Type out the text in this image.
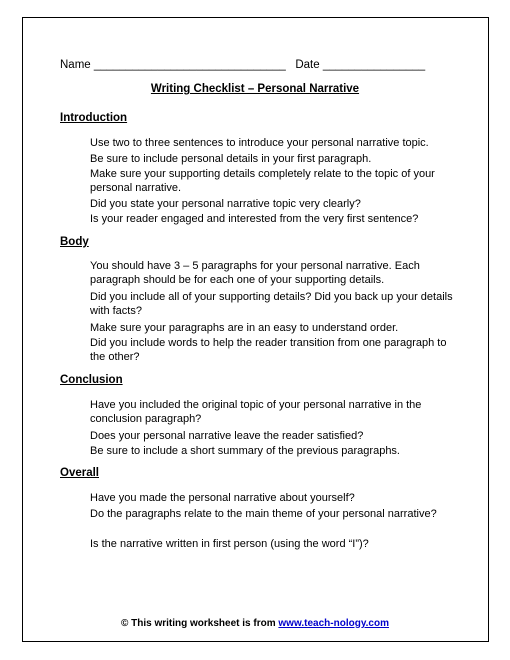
Name ______________________________ Date ________________
Writing Checklist – Personal Narrative
Introduction
Use two to three sentences to introduce your personal narrative topic.
Be sure to include personal details in your first paragraph.
Make sure your supporting details completely relate to the topic of your personal narrative.
Did you state your personal narrative topic very clearly?
Is your reader engaged and interested from the very first sentence?
Body
You should have 3 – 5 paragraphs for your personal narrative. Each paragraph should be for each one of your supporting details.
Did you include all of your supporting details? Did you back up your details with facts?
Make sure your paragraphs are in an easy to understand order.
Did you include words to help the reader transition from one paragraph to the other?
Conclusion
Have you included the original topic of your personal narrative in the conclusion paragraph?
Does your personal narrative leave the reader satisfied?
Be sure to include a short summary of the previous paragraphs.
Overall
Have you made the personal narrative about yourself?
Do the paragraphs relate to the main theme of your personal narrative?
Is the narrative written in first person (using the word “I”)?
© This writing worksheet is from www.teach-nology.com
